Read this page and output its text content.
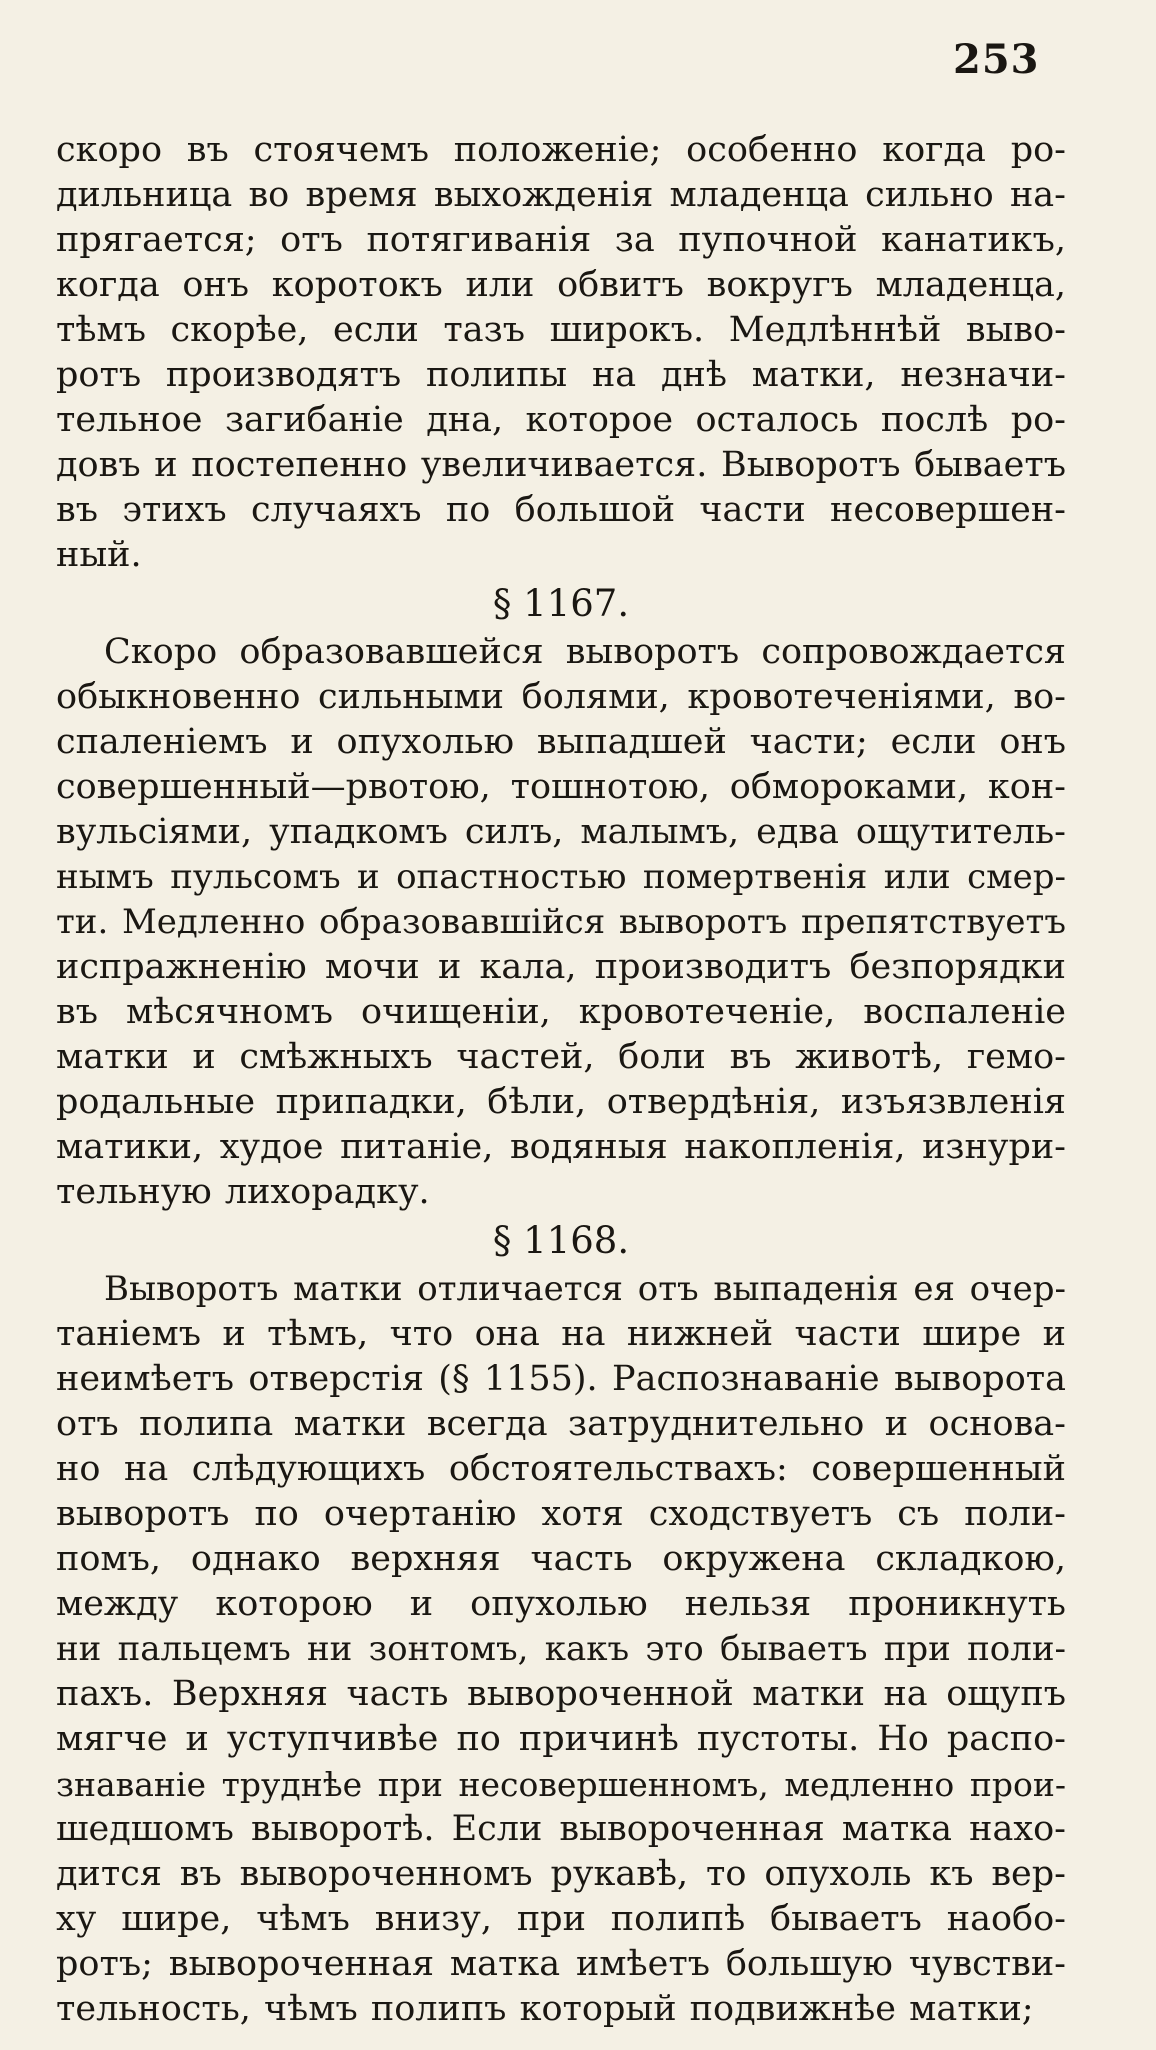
253
скоро въ стоячемъ положеніе; особенно когда ро-
дильница во время выхожденія младенца сильно на-
прягается; отъ потягиванія за пупочной канатикъ,
когда онъ коротокъ или обвитъ вокругъ младенца,
тѣмъ скорѣе, если тазъ широкъ. Медлѣннѣй выво-
ротъ производятъ полипы на днѣ матки, незначи-
тельное загибаніе дна, которое осталось послѣ ро-
довъ и постепенно увеличивается. Выворотъ бываетъ
въ этихъ случаяхъ по большой части несовершен-
ный.
§ 1167.
Скоро образовавшейся выворотъ сопровождается
обыкновенно сильными болями, кровотеченіями, во-
спаленіемъ и опухолью выпадшей части; если онъ
совершенный—рвотою, тошнотою, обмороками, кон-
вульсіями, упадкомъ силъ, малымъ, едва ощутитель-
нымъ пульсомъ и опастностью помертвенія или смер-
ти. Медленно образовавшійся выворотъ препятствуетъ
испражненію мочи и кала, производитъ безпорядки
въ мѣсячномъ очищеніи, кровотеченіе, воспаленіе
матки и смѣжныхъ частей, боли въ животѣ, гемо-
родальные припадки, бѣли, отвердѣнія, изъязвленія
матики, худое питаніе, водяныя накопленія, изнури-
тельную лихорадку.
§ 1168.
Выворотъ матки отличается отъ выпаденія ея очер-
таніемъ и тѣмъ, что она на нижней части шире и
неимѣетъ отверстія (§ 1155). Распознаваніе выворота
отъ полипа матки всегда затруднительно и основа-
но на слѣдующихъ обстоятельствахъ: совершенный
выворотъ по очертанію хотя сходствуетъ съ поли-
помъ, однако верхняя часть окружена складкою,
между которою и опухолью нельзя проникнуть
ни пальцемъ ни зонтомъ, какъ это бываетъ при поли-
пахъ. Верхняя часть вывороченной матки на ощупъ
мягче и уступчивѣе по причинѣ пустоты. Но распо-
знаваніе труднѣе при несовершенномъ, медленно прои-
шедшомъ выворотѣ. Если вывороченная матка нахо-
дится въ вывороченномъ рукавѣ, то опухоль къ вер-
ху шире, чѣмъ внизу, при полипѣ бываетъ наобо-
ротъ; вывороченная матка имѣетъ большую чувстви-
тельность, чѣмъ полипъ который подвижнѣе матки;
